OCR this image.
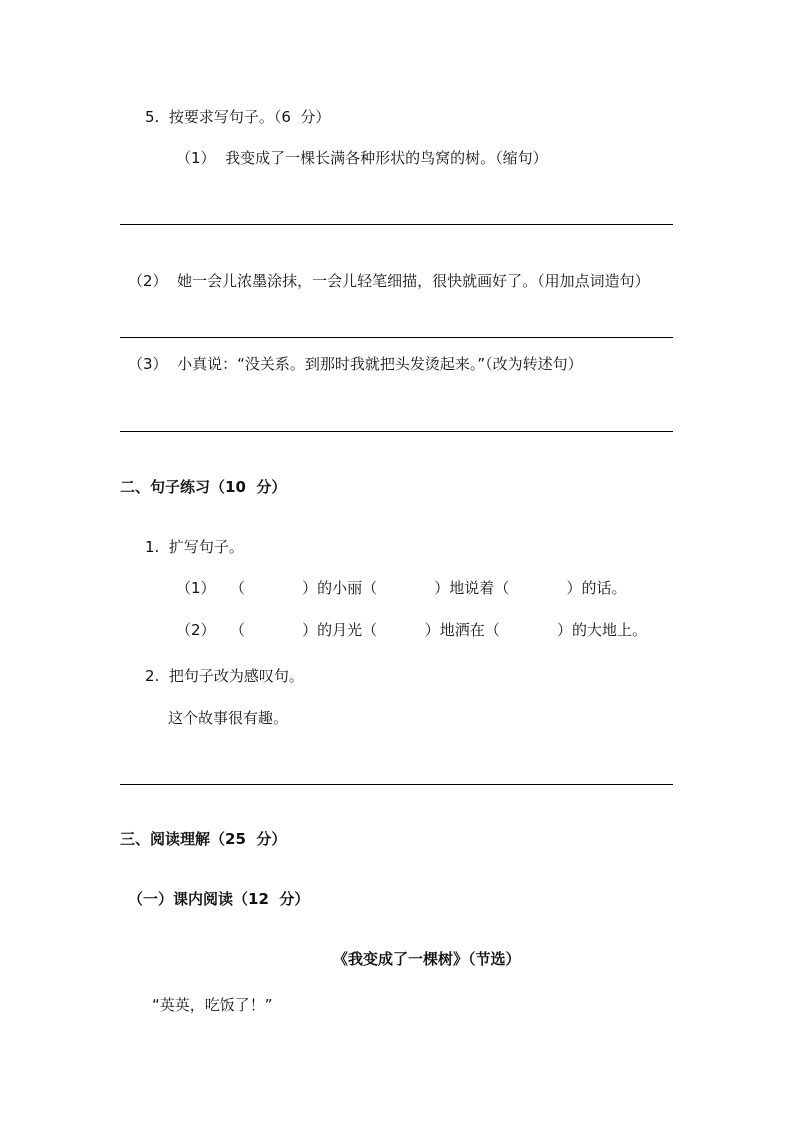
5.  按要求写句子。（6  分）
（1）  我变成了一棵长满各种形状的鸟窝的树。（缩句）
（2）  她一会儿浓墨涂抹，一会儿轻笔细描，很快就画好了。（用加点词造句）
（3）  小真说：“没关系。到那时我就把头发烫起来。”（改为转述句）
二、句子练习（10  分）
1.  扩写句子。
（1）   （            ）的小丽（            ）地说着（            ）的话。
（2）   （            ）的月光（          ）地洒在（            ）的大地上。
2.  把句子改为感叹句。
这个故事很有趣。
三、阅读理解（25  分）
（一）课内阅读（12  分）
《我变成了一棵树》（节选）
“英英，吃饭了！”
